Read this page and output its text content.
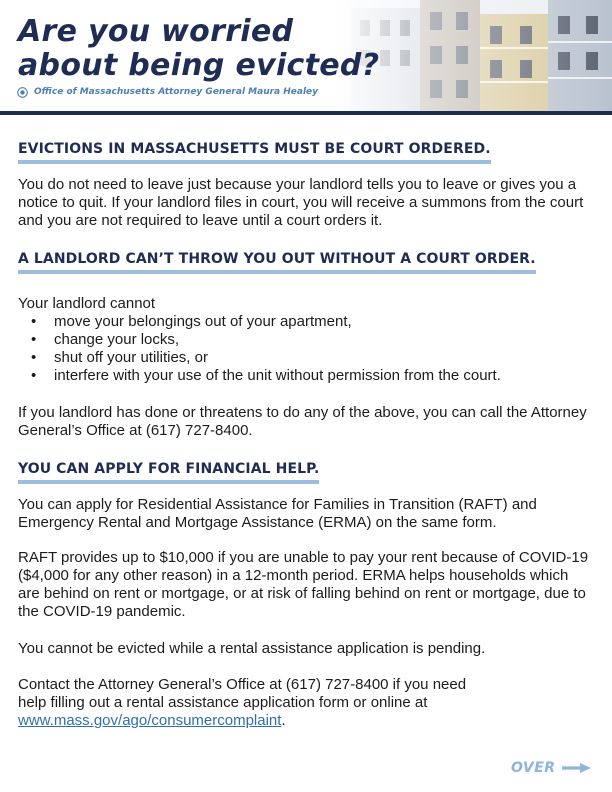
Are you worried
about being evicted?
Office of Massachusetts Attorney General Maura Healey
EVICTIONS IN MASSACHUSETTS MUST BE COURT ORDERED.

You do not need to leave just because your landlord tells you to leave or gives you a notice to quit. If your landlord files in court, you will receive a summons from the court and you are not required to leave until a court orders it.

A LANDLORD CAN’T THROW YOU OUT WITHOUT A COURT ORDER.

Your landlord cannot

• move your belongings out of your apartment,
• change your locks,
• shut off your utilities, or
• interfere with your use of the unit without permission from the court.

If you landlord has done or threatens to do any of the above, you can call the Attorney General’s Office at (617) 727-8400.

YOU CAN APPLY FOR FINANCIAL HELP.

You can apply for Residential Assistance for Families in Transition (RAFT) and Emergency Rental and Mortgage Assistance (ERMA) on the same form.

RAFT provides up to $10,000 if you are unable to pay your rent because of COVID-19 ($4,000 for any other reason) in a 12-month period. ERMA helps households which are behind on rent or mortgage, or at risk of falling behind on rent or mortgage, due to the COVID-19 pandemic.

You cannot be evicted while a rental assistance application is pending.

Contact the Attorney General’s Office at (617) 727-8400 if you need help filling out a rental assistance application form or online at www.mass.gov/ago/consumercomplaint.

OVER
